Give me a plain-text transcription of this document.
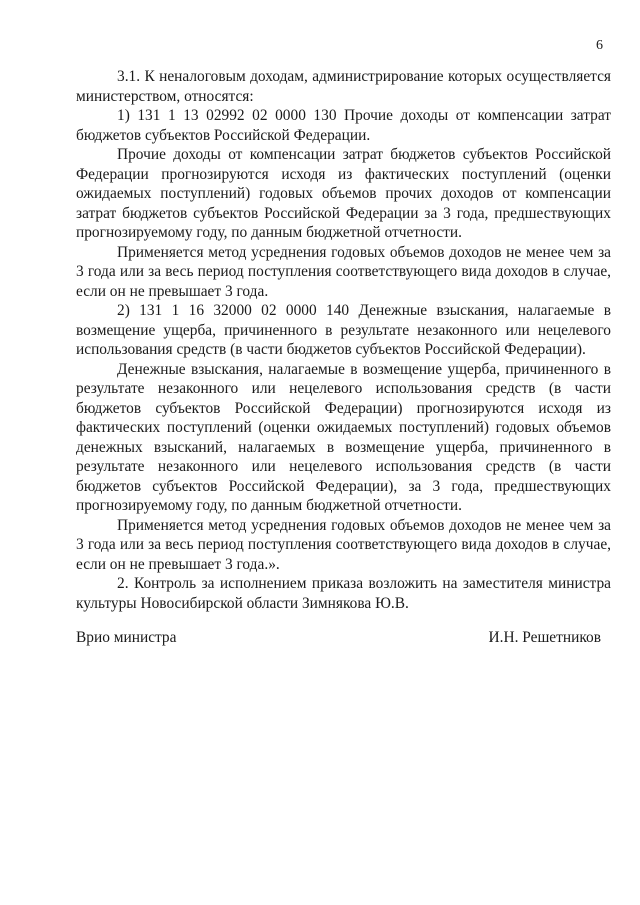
6

3.1. К неналоговым доходам, администрирование которых осуществляется министерством, относятся:

1) 131 1 13 02992 02 0000 130 Прочие доходы от компенсации затрат бюджетов субъектов Российской Федерации.

Прочие доходы от компенсации затрат бюджетов субъектов Российской Федерации прогнозируются исходя из фактических поступлений (оценки ожидаемых поступлений) годовых объемов прочих доходов от компенсации затрат бюджетов субъектов Российской Федерации за 3 года, предшествующих прогнозируемому году, по данным бюджетной отчетности.

Применяется метод усреднения годовых объемов доходов не менее чем за 3 года или за весь период поступления соответствующего вида доходов в случае, если он не превышает 3 года.

2) 131 1 16 32000 02 0000 140 Денежные взыскания, налагаемые в возмещение ущерба, причиненного в результате незаконного или нецелевого использования средств (в части бюджетов субъектов Российской Федерации).

Денежные взыскания, налагаемые в возмещение ущерба, причиненного в результате незаконного или нецелевого использования средств (в части бюджетов субъектов Российской Федерации) прогнозируются исходя из фактических поступлений (оценки ожидаемых поступлений) годовых объемов денежных взысканий, налагаемых в возмещение ущерба, причиненного в результате незаконного или нецелевого использования средств (в части бюджетов субъектов Российской Федерации), за 3 года, предшествующих прогнозируемому году, по данным бюджетной отчетности.

Применяется метод усреднения годовых объемов доходов не менее чем за 3 года или за весь период поступления соответствующего вида доходов в случае, если он не превышает 3 года.».

2. Контроль за исполнением приказа возложить на заместителя министра культуры Новосибирской области Зимнякова Ю.В.

Врио министра	И.Н. Решетников
